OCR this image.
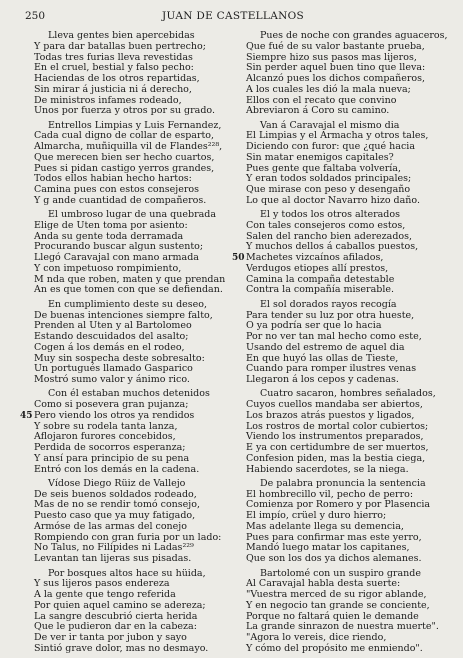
250	JUAN DE CASTELLANOS
Lleva gentes bien apercebidas
Y para dar batallas buen pertrecho;
Todas tres furias lleva revestidas
En el cruel, bestial y falso pecho:
Haciendas de los otros repartidas,
Sin mirar á justicia ni á derecho,
De ministros infames rodeado,
Unos por fuerza y otros por su grado.
Entrellos Limpias y Luis Fernandez,
Cada cual digno de collar de esparto,
Almarcha, muñiquilla vil de Flandes²²⁸,
Que merecen bien ser hecho cuartos,
Pues si pidan castigo yerros grandes,
Todos ellos habian hecho hartos:
Camina pues con estos consejeros
Y g ande cuantidad de compañeros.
El umbroso lugar de una quebrada
Elige de Uten toma por asiento:
Anda su gente toda derramada
Procurando buscar algun sustento;
Llegó Caravajal con mano armada
Y con impetuoso rompimiento,
M nda que roben, maten y que prendan
An es que tomen con que se defiendan.
En cumplimiento deste su deseo,
De buenas intenciones siempre falto,
Prenden al Uten y al Bartolomeo
Estando descuidados del asalto;
Cogen á los demás en el rodeo,
Muy sin sospecha deste sobresalto:
Un portugués llamado Gasparico
Mostró sumo valor y ánimo rico.
Con él estaban muchos detenidos
Como si posevera gran pujanza;
Pero viendo los otros ya rendidos
45
Y sobre su rodela tanta lanza,
Aflojaron furores concebidos,
Perdida de socorros esperanza;
Y ansí para principio de su pena
Entró con los demás en la cadena.
Vídose Diego Rüiz de Vallejo
De seis buenos soldados rodeado,
Mas de no se rendir tomó consejo,
Puesto caso que ya muy fatigado,
Armóse de las armas del conejo
Rompiendo con gran furia por un lado:
No Talus, no Filípides ni Ladas²²⁹
Levantan tan lijeras sus pisadas.
Por bosques altos hace su hüida,
Y sus lijeros pasos endereza
A la gente que tengo referida
Por quien aquel camino se adereza;
La sangre descubrió cierta herida
Que le pudieron dar en la cabeza:
De ver ir tanta por jubon y sayo
Sintió grave dolor, mas no desmayo.
Pues de noche con grandes aguaceros,
Que fué de su valor bastante prueba,
Siempre hizo sus pasos mas lijeros,
Sin perder aquel buen tino que lleva:
Alcanzó pues los dichos compañeros,
A los cuales les dió la mala nueva;
Ellos con el recato que convino
Abreviaron á Coro su camino.
Van á Caravajal el mismo dia
El Limpias y el Armacha y otros tales,
Diciendo con furor: que ¿qué hacia
Sin matar enemigos capitales?
Pues gente que faltaba volvería,
Y eran todos soldados principales;
Que mirase con peso y desengaño
Lo que al doctor Navarro hizo daño.
El y todos los otros alterados
Con tales consejeros como estos,
Salen del rancho bien aderezados,
Y muchos dellos á caballos puestos,
Machetes vizcaínos afilados,
50
Verdugos etiopes allí prestos,
Camina la compaña detestable
Contra la compañía miserable.
El sol dorados rayos recogía
Para tender su luz por otra hueste,
O ya podría ser que lo hacia
Por no ver tan mal hecho como este,
Usando del estremo de aquel dia
En que huyó las ollas de Tieste,
Cuando para romper ilustres venas
Llegaron á los cepos y cadenas.
Cuatro sacaron, hombres señalados,
Cuyos cuellos mandaba ser abiertos,
Los brazos atrás puestos y ligados,
Los rostros de mortal color cubiertos;
Viendo los instrumentos preparados,
E ya con certidumbre de ser muertos,
Confesion piden, mas la bestia ciega,
Habiendo sacerdotes, se la niega.
De palabra pronuncia la sentencia
El hombrecillo vil, pecho de perro:
Comienza por Romero y por Plasencia
El impío, crüel y duro hierro;
Mas adelante llega su demencia,
Pues para confirmar mas este yerro,
Mandó luego matar los capitanes,
Que son los dos ya dichos alemanes.
Bartolomé con un suspiro grande
Al Caravajal habla desta suerte:
"Vuestra merced de su rigor ablande,
Y en negocio tan grande se conciente,
Porque no faltará quien le demande
La grande sinrazon de nuestra muerte".
"Agora lo vereis, dice riendo,
Y cómo del propósito me enmiendo".
